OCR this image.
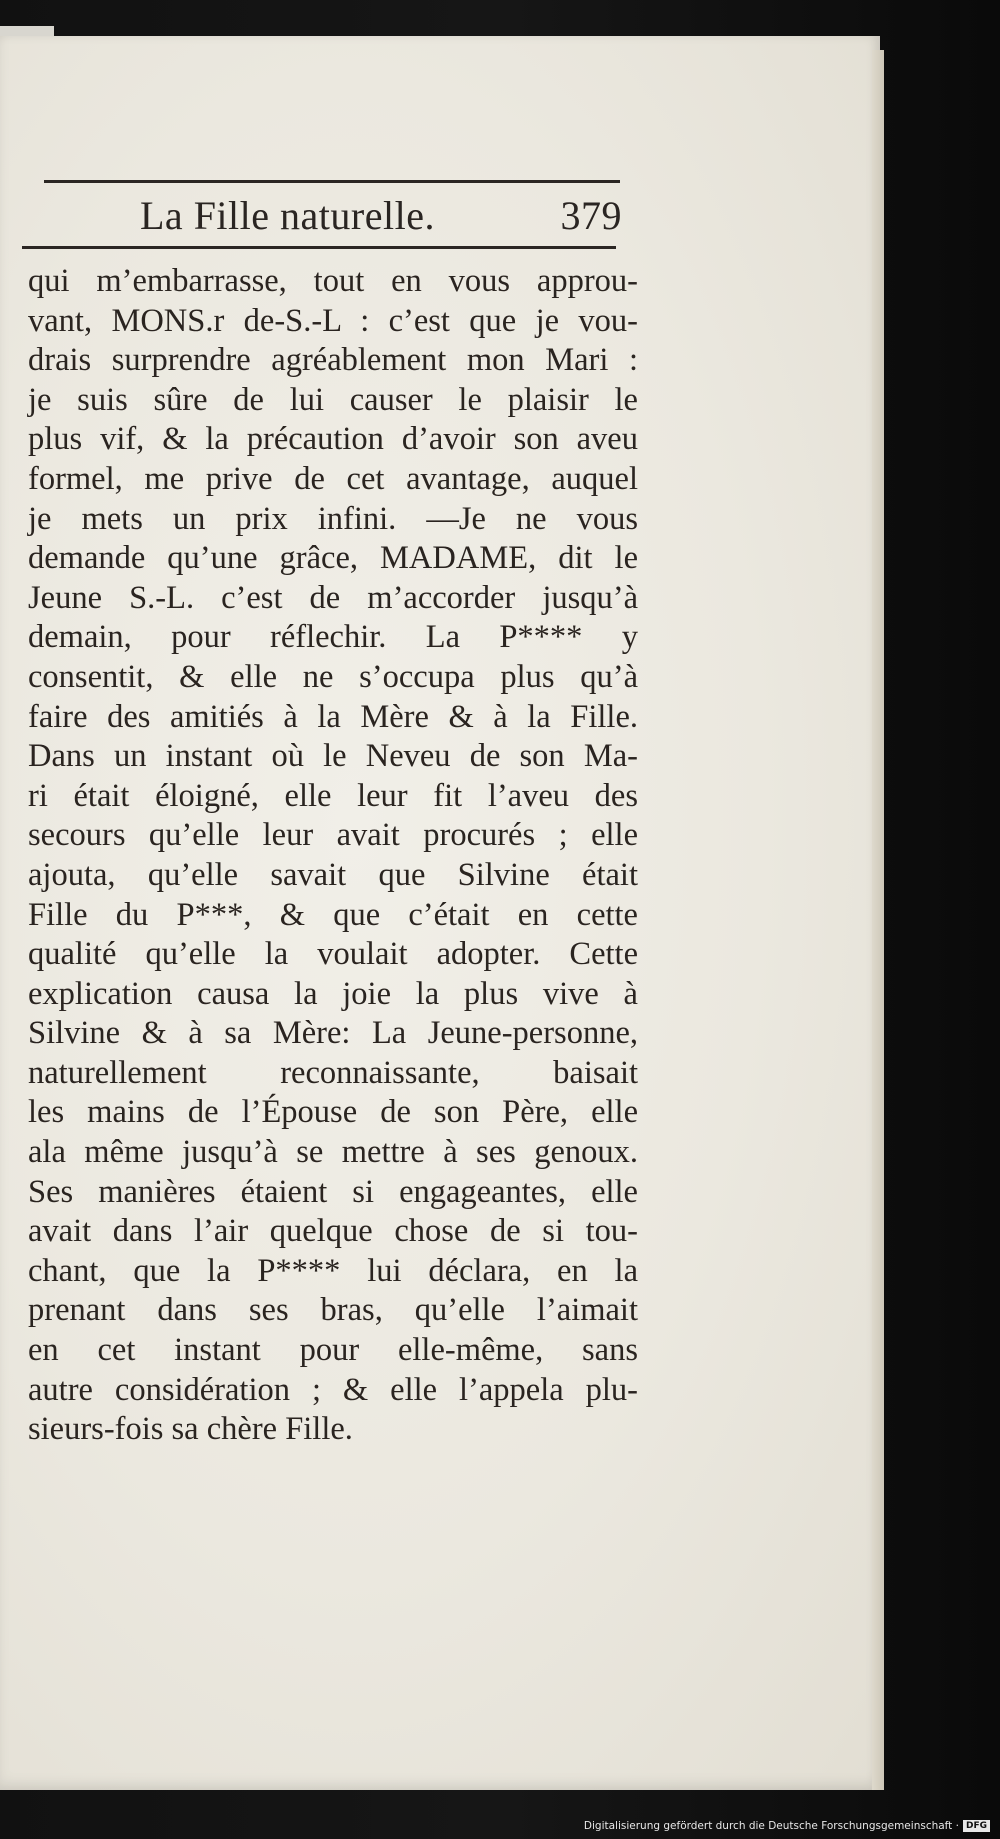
La Fille naturelle.	379
qui m’embarrasse, tout en vous approu-
vant, MONS.r de-S.-L : c’est que je vou-
drais surprendre agréablement mon Mari :
je suis sûre de lui causer le plaisir le
plus vif, & la précaution d’avoir son aveu
formel, me prive de cet avantage, auquel
je mets un prix infini. —Je ne vous
demande qu’une grâce, MADAME, dit le
Jeune S.-L. c’est de m’accorder jusqu’à
demain, pour réflechir. La P**** y
consentit, & elle ne s’occupa plus qu’à
faire des amitiés à la Mère & à la Fille.
Dans un instant où le Neveu de son Ma-
ri était éloigné, elle leur fit l’aveu des
secours qu’elle leur avait procurés ; elle
ajouta, qu’elle savait que Silvine était
Fille du P***, & que c’était en cette
qualité qu’elle la voulait adopter. Cette
explication causa la joie la plus vive à
Silvine & à sa Mère: La Jeune-personne,
naturellement reconnaissante, baisait
les mains de l’Épouse de son Père, elle
ala même jusqu’à se mettre à ses genoux.
Ses manières étaient si engageantes, elle
avait dans l’air quelque chose de si tou-
chant, que la P**** lui déclara, en la
prenant dans ses bras, qu’elle l’aimait
en cet instant pour elle-même, sans
autre considération ; & elle l’appela plu-
sieurs-fois sa chère Fille.
Digitalisierung gefördert durch die Deutsche Forschungsgemeinschaft · DFG
